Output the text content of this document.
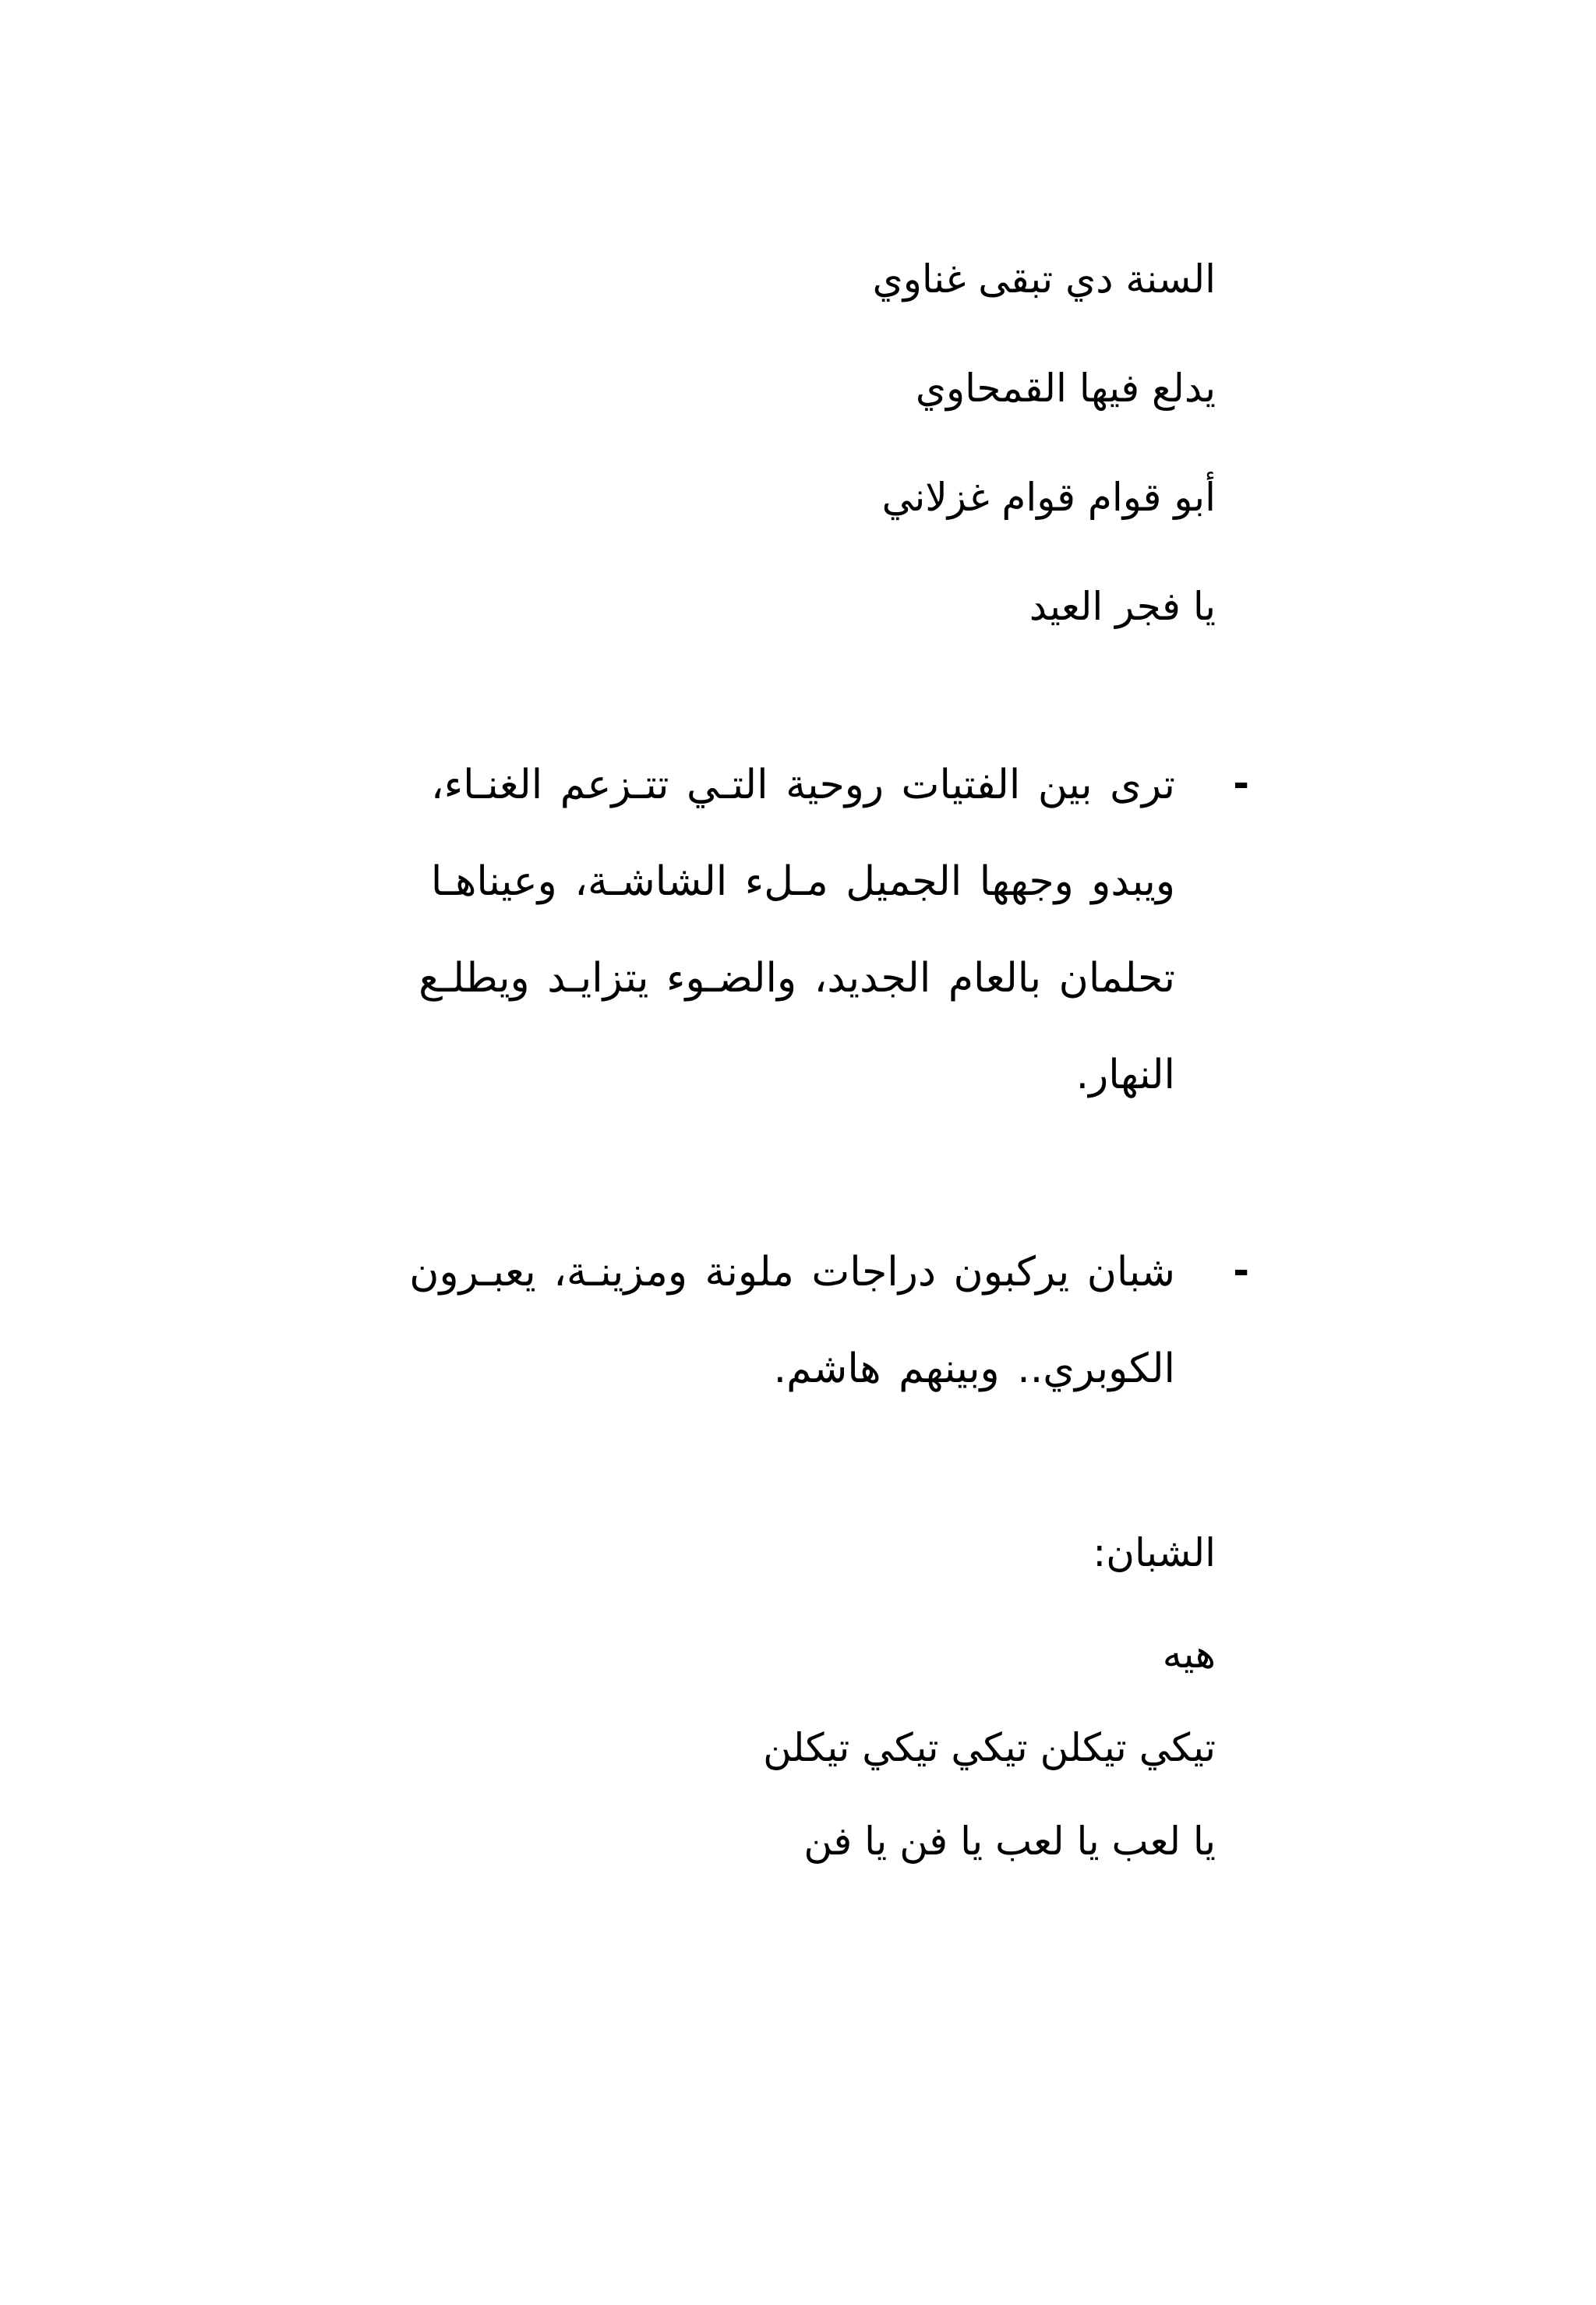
السنة دي تبقى غناوي
يدلع فيها القمحاوي
أبو قوام قوام غزلاني
يا فجر العيد
-
ترى بين الفتيات روحية التـي تتـزعم الغنـاء،
ويبدو وجهها الجميل مـلء الشاشـة، وعيناهـا
تحلمان بالعام الجديد، والضـوء يتزايـد ويطلـع
النهار.
-
شبان يركبون دراجات ملونة ومزينـة، يعبـرون
الكوبري.. وبينهم هاشم.
الشبان:
هيه
تيكي تيكلن تيكي تيكي تيكلن
يا لعب يا لعب يا فن يا فن
